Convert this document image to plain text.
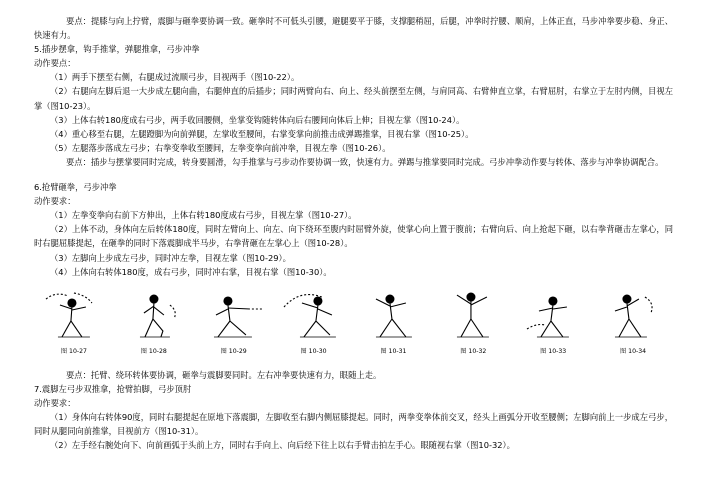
要点：提膝与向上拧臂，震脚与砸拳要协调一致。砸拳时不可低头引腰，避腿要平于膝，支撑腿稍屈，后腿，冲拳时拧腰、顺肩，上体正直，马步冲拳要步稳、身正、快速有力。

5.插步摆拿，钩手推掌，弹腿推拿，弓步冲拳

动作要点：

（1）两手下摆至右侧，右腿成过流顺弓步，目视两手（图10-22）。

（2）右腿向左脚后退一大步成左腿向曲，右腿伸直的后插步；同时两臂向右、向上、经头前摆至左侧，与肩同高、右臂伸直立掌，右臂屈肘，右掌立于左肘内侧，目视左掌（图10-23）。

（3）上体右转180度成右弓步，两手收回腰侧，坐掌变钩随转体向后右腰间向体后上伸；目视左掌（图10-24）。

（4）重心移至右腿，左腿蹬脚为向前弹腿，左掌收至腰间，右掌变掌向前推击成弹踢推掌，目视右掌（图10-25）。

（5）左腿落步落成左弓步；右拳变拳收至腰间，左拳变拳向前冲拳，目视左拳（图10-26）。

要点：插步与摆掌要同时完成，转身要圆滑，勾手推掌与弓步动作要协调一致，快速有力。弹踢与推掌要同时完成。弓步冲拳动作要与转体、落步与冲拳协调配合。

6.抢臂砸拳，弓步冲拳

动作要求：

（1）左拳变拳向右前下方伸出，上体右转180度成右弓步，目视左掌（图10-27）。

（2）上体不动，身体向左后转体180度，同时左臂向上、向左、向下绕环至腹内时屈臂外旋，使掌心向上置于腹前；右臂向后、向上抢起下砸，以右拳背砸击左掌心，同时右腿屈膝提起，在砸拳的同时下落震脚成半马步，右拳背砸在左掌心上（图10-28）。

（3）左脚向上步成左弓步，同时冲左拳，目视左掌（图10-29）。

（4）上体向右转体180度，成右弓步，同时冲右掌，目视右掌（图10-30）。

图 10-27	图 10-28	图 10-29	图 10-30	图 10-31	图 10-32	图 10-33	图 10-34

要点：托臂、绕环转体要协调，砸拳与震脚要同时。左右冲拳要快速有力，眼随上走。

7.震脚左弓步双推拿，抢臂拍脚，弓步顶肘

动作要求：

（1）身体向右转体90度，同时右腿提起在原地下落震脚，左脚收至右脚内侧屈膝提起。同时，两拳变拳体前交叉，经头上画弧分开收至腰侧；左脚向前上一步成左弓步，同时从腿同向前推掌，目视前方（图10-31）。

（2）左手经右腕处向下、向前画弧于头前上方，同时右手向上、向后经下往上以右手臂击拍左手心。眼随视右掌（图10-32）。
